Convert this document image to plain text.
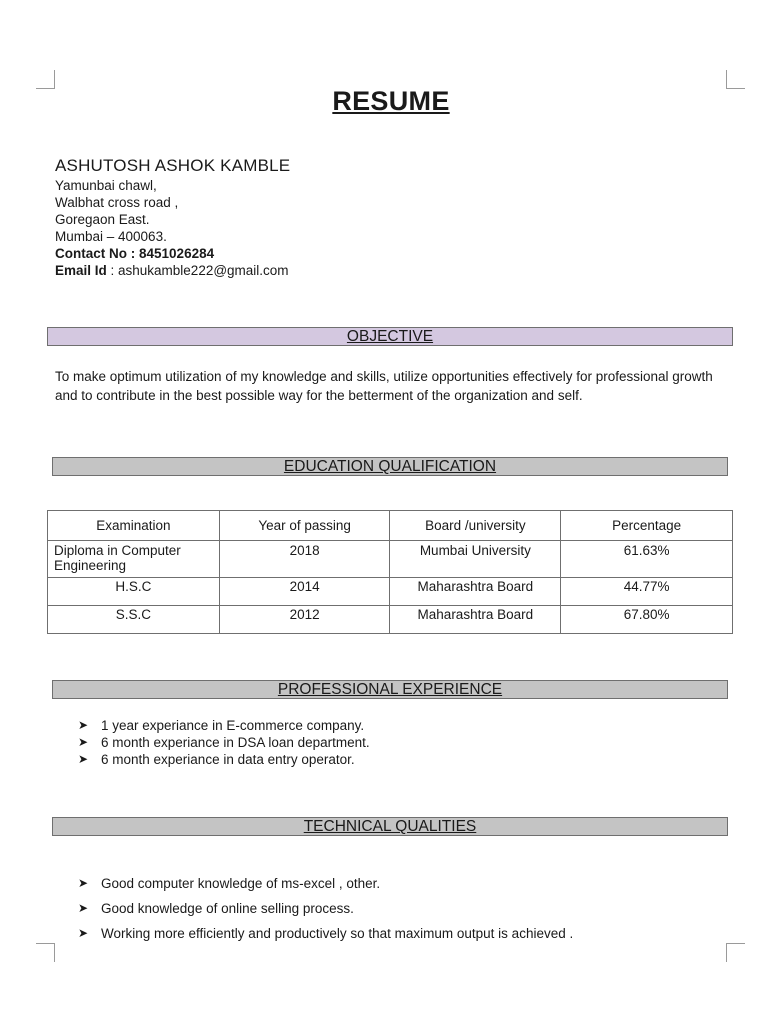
RESUME
ASHUTOSH ASHOK KAMBLE
Yamunbai chawl,
Walbhat cross road ,
Goregaon East.
Mumbai – 400063.
Contact No : 8451026284
Email Id : ashukamble222@gmail.com
OBJECTIVE
To make optimum utilization of my knowledge and skills, utilize opportunities effectively for professional growth and to contribute in the best possible way for the betterment of the organization and self.
EDUCATION QUALIFICATION
Examination	Year of passing	Board /university	Percentage
Diploma in Computer Engineering	2018	Mumbai University	61.63%
H.S.C	2014	Maharashtra Board	44.77%
S.S.C	2012	Maharashtra Board	67.80%
PROFESSIONAL EXPERIENCE
➤ 1 year experiance in E-commerce company.
➤ 6 month experiance in DSA loan department.
➤ 6 month experiance in data entry operator.
TECHNICAL QUALITIES
➤ Good computer knowledge of ms-excel , other.
➤ Good knowledge of online selling process.
➤ Working more efficiently and productively so that maximum output is achieved .
